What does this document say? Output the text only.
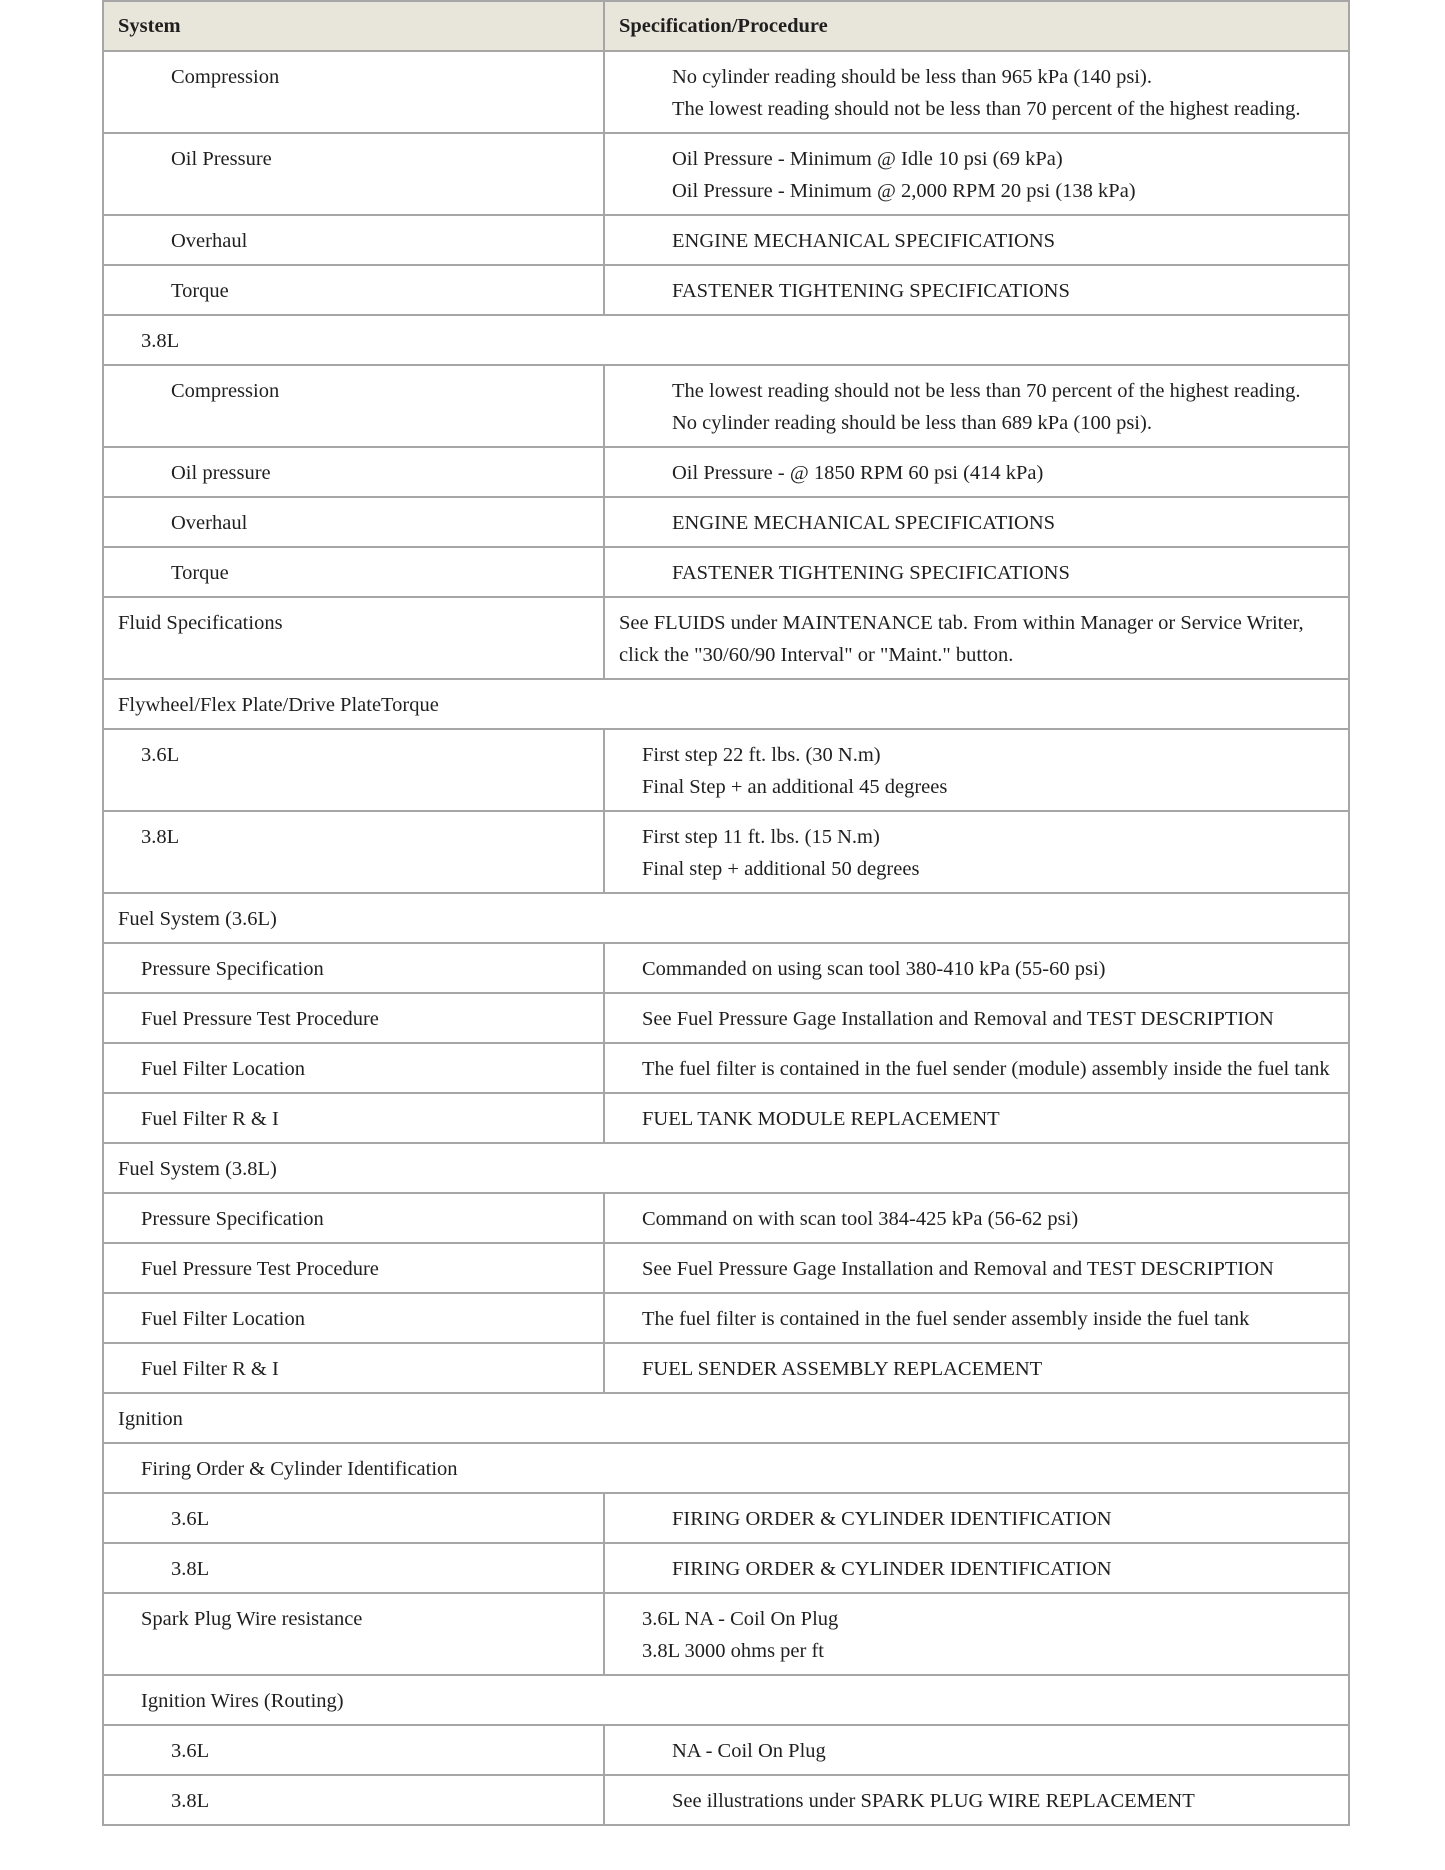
System	Specification/Procedure
Compression	No cylinder reading should be less than 965 kPa (140 psi).
The lowest reading should not be less than 70 percent of the highest reading.

Oil Pressure	Oil Pressure - Minimum @ Idle 10 psi (69 kPa)
Oil Pressure - Minimum @ 2,000 RPM 20 psi (138 kPa)

Overhaul	ENGINE MECHANICAL SPECIFICATIONS

Torque	FASTENER TIGHTENING SPECIFICATIONS

3.8L	
Compression	The lowest reading should not be less than 70 percent of the highest reading.
No cylinder reading should be less than 689 kPa (100 psi).

Oil pressure	Oil Pressure - @ 1850 RPM 60 psi (414 kPa)

Overhaul	ENGINE MECHANICAL SPECIFICATIONS

Torque	FASTENER TIGHTENING SPECIFICATIONS

Fluid Specifications	See FLUIDS under MAINTENANCE tab. From within Manager or Service Writer, click the "30/60/90 Interval" or "Maint." button.

Flywheel/Flex Plate/Drive PlateTorque	
3.6L	First step 22 ft. lbs. (30 N.m)
Final Step + an additional 45 degrees

3.8L	First step 11 ft. lbs. (15 N.m)
Final step + additional 50 degrees

Fuel System (3.6L)	
Pressure Specification	Commanded on using scan tool 380-410 kPa (55-60 psi)

Fuel Pressure Test Procedure	See Fuel Pressure Gage Installation and Removal and TEST DESCRIPTION

Fuel Filter Location	The fuel filter is contained in the fuel sender (module) assembly inside the fuel tank

Fuel Filter R & I	FUEL TANK MODULE REPLACEMENT

Fuel System (3.8L)	
Pressure Specification	Command on with scan tool 384-425 kPa (56-62 psi)

Fuel Pressure Test Procedure	See Fuel Pressure Gage Installation and Removal and TEST DESCRIPTION

Fuel Filter Location	The fuel filter is contained in the fuel sender assembly inside the fuel tank

Fuel Filter R & I	FUEL SENDER ASSEMBLY REPLACEMENT

Ignition	
Firing Order & Cylinder Identification	
3.6L	FIRING ORDER & CYLINDER IDENTIFICATION

3.8L	FIRING ORDER & CYLINDER IDENTIFICATION

Spark Plug Wire resistance	3.6L NA - Coil On Plug
3.8L 3000 ohms per ft

Ignition Wires (Routing)	
3.6L	NA - Coil On Plug

3.8L	See illustrations under SPARK PLUG WIRE REPLACEMENT
